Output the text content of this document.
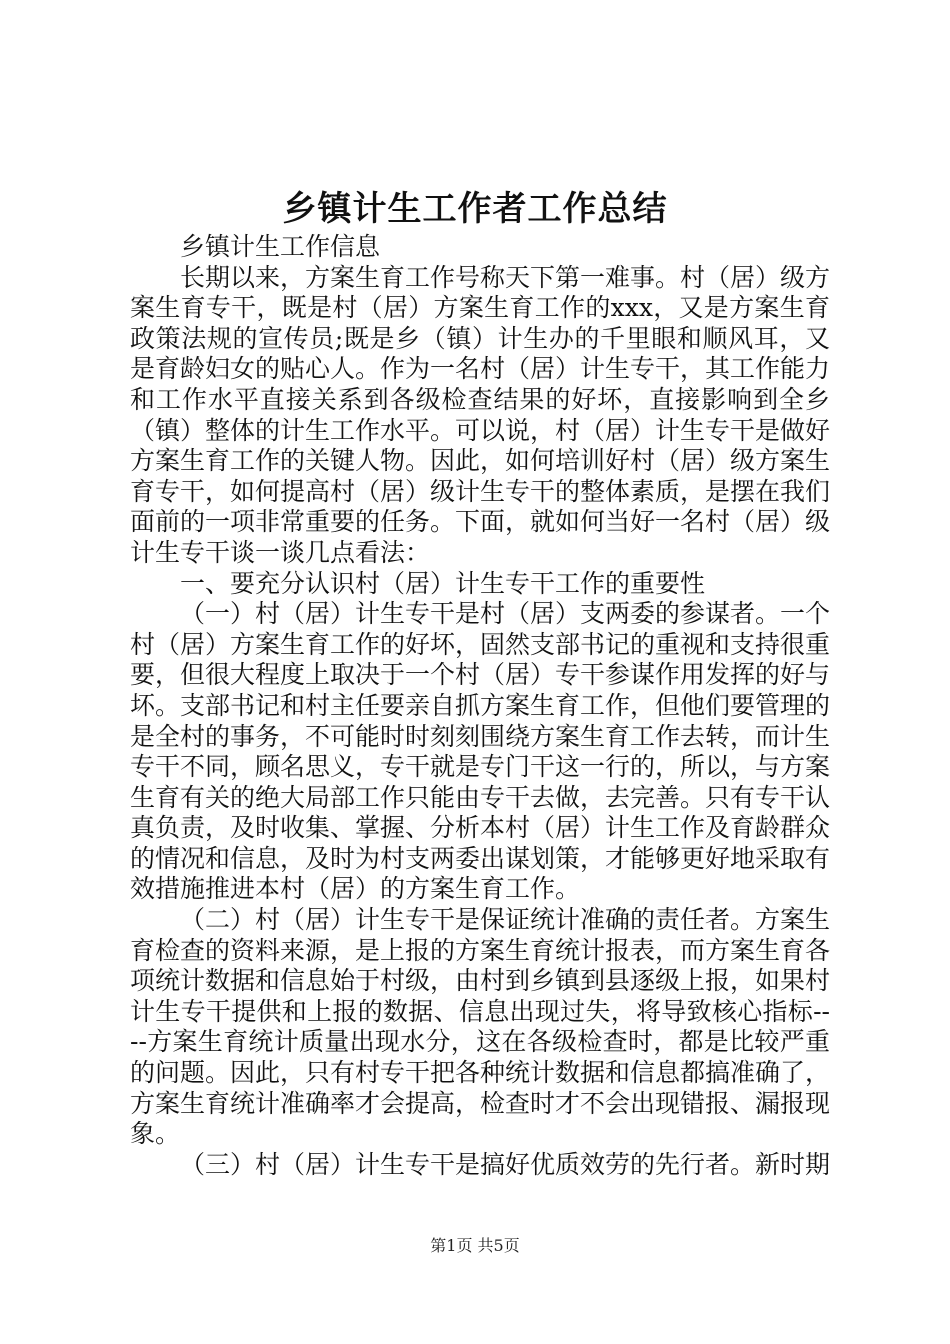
乡镇计生工作者工作总结

乡镇计生工作信息

长期以来，方案生育工作号称天下第一难事。村（居）级方案生育专干，既是村（居）方案生育工作的xxx，又是方案生育政策法规的宣传员;既是乡（镇）计生办的千里眼和顺风耳，又是育龄妇女的贴心人。作为一名村（居）计生专干，其工作能力和工作水平直接关系到各级检查结果的好坏，直接影响到全乡（镇）整体的计生工作水平。可以说，村（居）计生专干是做好方案生育工作的关键人物。因此，如何培训好村（居）级方案生育专干，如何提高村（居）级计生专干的整体素质，是摆在我们面前的一项非常重要的任务。下面，就如何当好一名村（居）级计生专干谈一谈几点看法：

一、要充分认识村（居）计生专干工作的重要性

（一）村（居）计生专干是村（居）支两委的参谋者。一个村（居）方案生育工作的好坏，固然支部书记的重视和支持很重要，但很大程度上取决于一个村（居）专干参谋作用发挥的好与坏。支部书记和村主任要亲自抓方案生育工作，但他们要管理的是全村的事务，不可能时时刻刻围绕方案生育工作去转，而计生专干不同，顾名思义，专干就是专门干这一行的，所以，与方案生育有关的绝大局部工作只能由专干去做，去完善。只有专干认真负责，及时收集、掌握、分析本村（居）计生工作及育龄群众的情况和信息，及时为村支两委出谋划策，才能够更好地采取有效措施推进本村（居）的方案生育工作。

（二）村（居）计生专干是保证统计准确的责任者。方案生育检查的资料来源，是上报的方案生育统计报表，而方案生育各项统计数据和信息始于村级，由村到乡镇到县逐级上报，如果村计生专干提供和上报的数据、信息出现过失，将导致核心指标----方案生育统计质量出现水分，这在各级检查时，都是比较严重的问题。因此，只有村专干把各种统计数据和信息都搞准确了，方案生育统计准确率才会提高，检查时才不会出现错报、漏报现象。

（三）村（居）计生专干是搞好优质效劳的先行者。新时期

第1页 共5页
